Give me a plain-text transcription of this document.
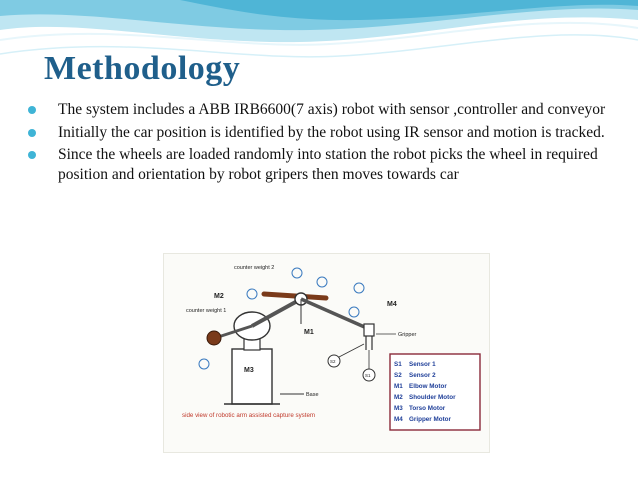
Methodology
The system includes a ABB IRB6600(7 axis) robot with sensor ,controller and conveyor
Initially the car position is identified by the robot using IR sensor and motion is tracked.
Since the wheels are loaded randomly into station the robot picks the wheel in required position and orientation by robot gripers then moves towards car
counter weight 2
counter weight 1
M2
M1
M3
M4
S2
S1
Gripper
Base
side view of robotic arm assisted capture system
S1 Sensor 1
S2 Sensor 2
M1 Elbow Motor
M2 Shoulder Motor
M3 Torso Motor
M4 Gripper Motor
